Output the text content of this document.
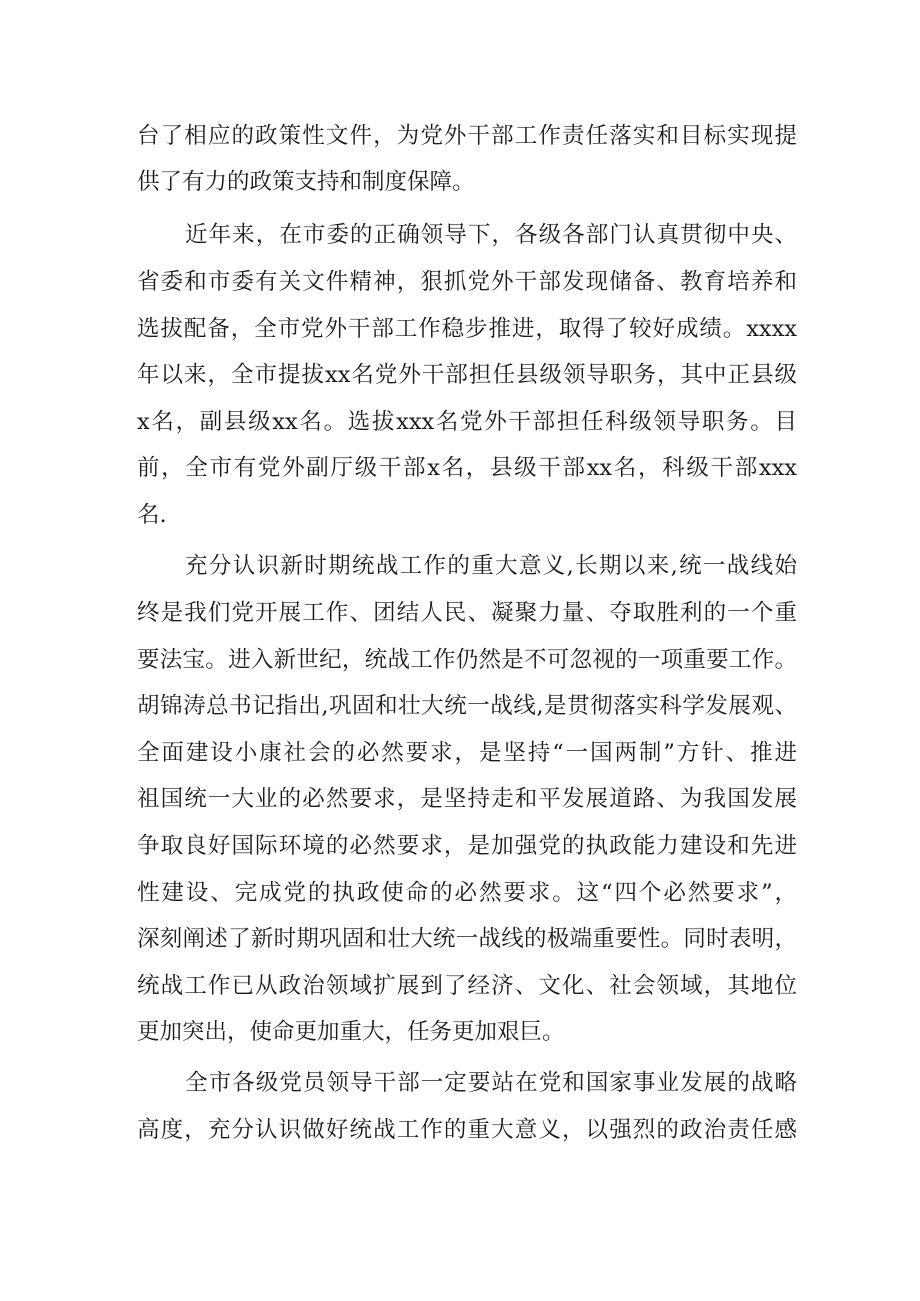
台了相应的政策性文件，为党外干部工作责任落实和目标实现提
供了有力的政策支持和制度保障。
近年来，在市委的正确领导下，各级各部门认真贯彻中央、
省委和市委有关文件精神，狠抓党外干部发现储备、教育培养和
选拔配备，全市党外干部工作稳步推进，取得了较好成绩。xxxx
年以来，全市提拔xx名党外干部担任县级领导职务，其中正县级
x名，副县级xx名。选拔xxx名党外干部担任科级领导职务。目
前，全市有党外副厅级干部x名，县级干部xx名，科级干部xxx
名.
充分认识新时期统战工作的重大意义,长期以来,统一战线始
终是我们党开展工作、团结人民、凝聚力量、夺取胜利的一个重
要法宝。进入新世纪，统战工作仍然是不可忽视的一项重要工作。
胡锦涛总书记指出,巩固和壮大统一战线,是贯彻落实科学发展观、
全面建设小康社会的必然要求，是坚持“一国两制”方针、推进
祖国统一大业的必然要求，是坚持走和平发展道路、为我国发展
争取良好国际环境的必然要求，是加强党的执政能力建设和先进
性建设、完成党的执政使命的必然要求。这“四个必然要求”，
深刻阐述了新时期巩固和壮大统一战线的极端重要性。同时表明，
统战工作已从政治领域扩展到了经济、文化、社会领域，其地位
更加突出，使命更加重大，任务更加艰巨。
全市各级党员领导干部一定要站在党和国家事业发展的战略
高度，充分认识做好统战工作的重大意义，以强烈的政治责任感
